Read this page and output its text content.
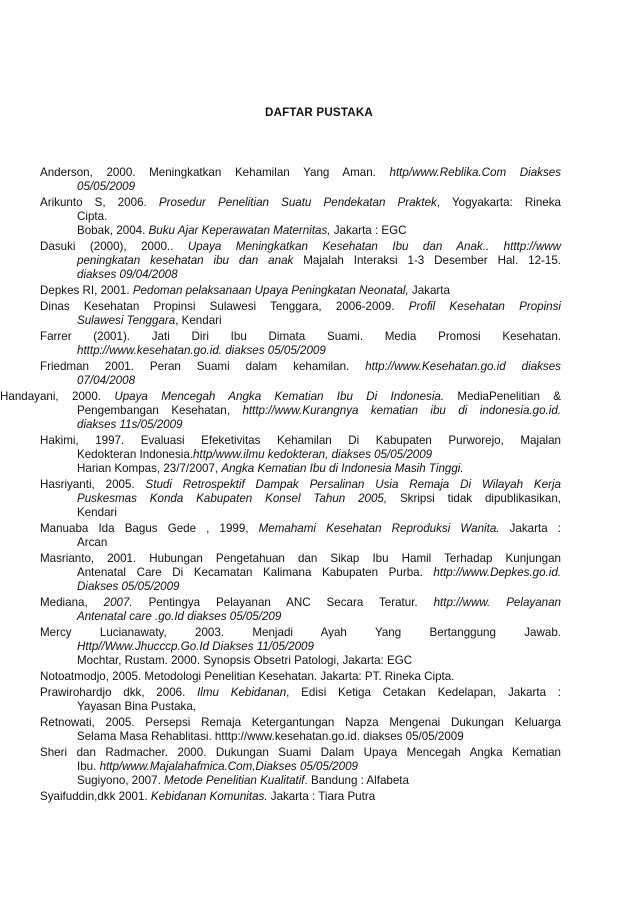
DAFTAR PUSTAKA
Anderson, 2000. Meningkatkan Kehamilan Yang Aman. http/www.Reblika.Com Diakses
05/05/2009
Arikunto S, 2006. Prosedur Penelitian Suatu Pendekatan Praktek, Yogyakarta: Rineka
Cipta.
Bobak, 2004. Buku Ajar Keperawatan Maternitas, Jakarta : EGC
Dasuki (2000), 2000.. Upaya Meningkatkan Kesehatan Ibu dan Anak.. htttp://www
peningkatan kesehatan ibu dan anak Majalah Interaksi 1-3 Desember Hal. 12-15.
diakses 09/04/2008
Depkes RI, 2001. Pedoman pelaksanaan Upaya Peningkatan Neonatal, Jakarta
Dinas Kesehatan Propinsi Sulawesi Tenggara, 2006-2009. Profil Kesehatan Propinsi
Sulawesi Tenggara, Kendari
Farrer (2001). Jati Diri Ibu Dimata Suami. Media Promosi Kesehatan.
htttp://www.kesehatan.go.id. diakses 05/05/2009
Friedman 2001. Peran Suami dalam kehamilan. http://www.Kesehatan.go.id diakses
07/04/2008
Handayani, 2000. Upaya Mencegah Angka Kematian Ibu Di Indonesia. MediaPenelitian &
Pengembangan Kesehatan, htttp://www.Kurangnya kematian ibu di indonesia.go.id.
diakses 11s/05/2009
Hakimi, 1997. Evaluasi Efeketivitas Kehamilan Di Kabupaten Purworejo, Majalan
Kedokteran Indonesia.http/www.ilmu kedokteran, diakses 05/05/2009
Harian Kompas, 23/7/2007, Angka Kematian Ibu di Indonesia Masih Tinggi.
Hasriyanti, 2005. Studi Retrospektif Dampak Persalinan Usia Remaja Di Wilayah Kerja
Puskesmas Konda Kabupaten Konsel Tahun 2005, Skripsi tidak dipublikasikan,
Kendari
Manuaba Ida Bagus Gede , 1999, Memahami Kesehatan Reproduksi Wanita. Jakarta :
Arcan
Masrianto, 2001. Hubungan Pengetahuan dan Sikap Ibu Hamil Terhadap Kunjungan
Antenatal Care Di Kecamatan Kalimana Kabupaten Purba. http://www.Depkes.go.id.
Diakses 05/05/2009
Mediana, 2007. Pentingya Pelayanan ANC Secara Teratur. http://www. Pelayanan
Antenatal care .go.Id diakses 05/05/209
Mercy Lucianawaty, 2003. Menjadi Ayah Yang Bertanggung Jawab.
Http//Www.Jhucccp.Go.Id Diakses 11/05/2009
Mochtar, Rustam. 2000. Synopsis Obsetri Patologi, Jakarta: EGC
Notoatmodjo, 2005. Metodologi Penelitian Kesehatan. Jakarta: PT. Rineka Cipta.
Prawirohardjo dkk, 2006. Ilmu Kebidanan, Edisi Ketiga Cetakan Kedelapan, Jakarta :
Yayasan Bina Pustaka,
Retnowati, 2005. Persepsi Remaja Ketergantungan Napza Mengenai Dukungan Keluarga
Selama Masa Rehablitasi. htttp://www.kesehatan.go.id. diakses 05/05/2009
Sheri dan Radmacher. 2000. Dukungan Suami Dalam Upaya Mencegah Angka Kematian
Ibu. http/www.Majalahafmica.Com,Diakses 05/05/2009
Sugiyono, 2007. Metode Penelitian Kualitatif. Bandung : Alfabeta
Syaifuddin,dkk 2001. Kebidanan Komunitas. Jakarta : Tiara Putra
